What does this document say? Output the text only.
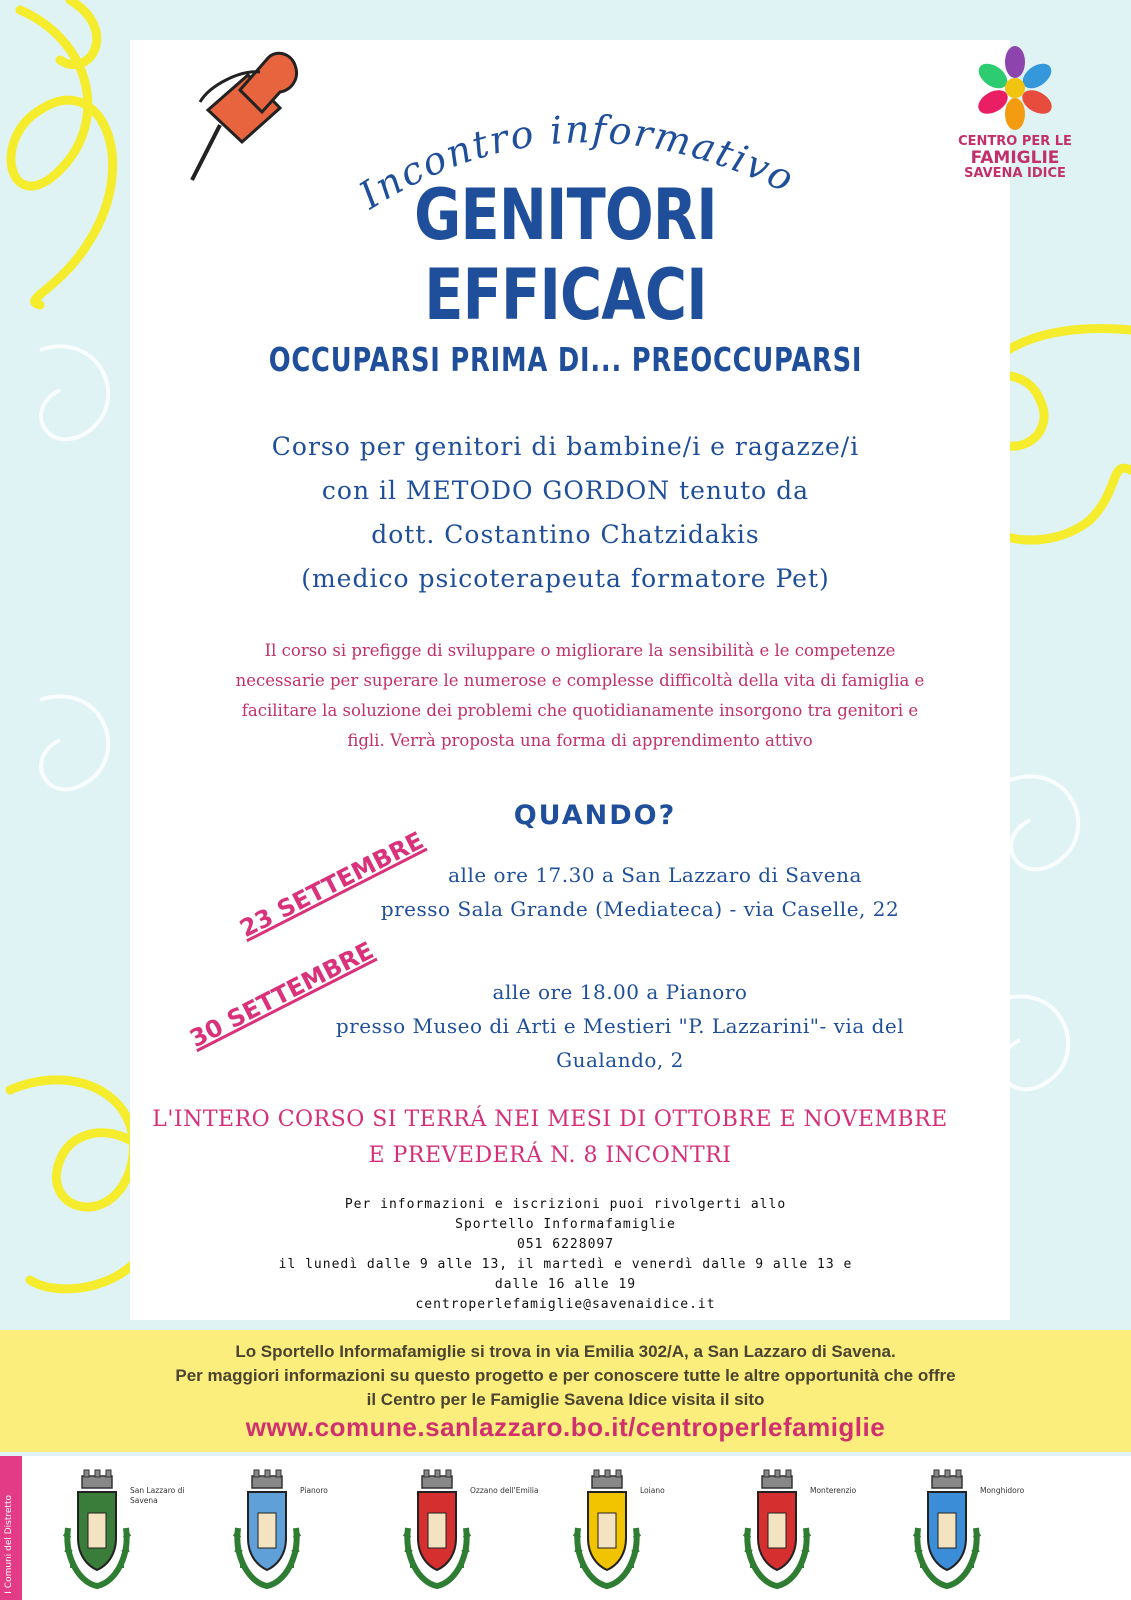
CENTRO PER LE
FAMIGLIE
SAVENA IDICE
Incontro informativo
GENITORI
EFFICACI
OCCUPARSI PRIMA DI... PREOCCUPARSI
Corso per genitori di bambine/i e ragazze/i
con il METODO GORDON tenuto da
dott. Costantino Chatzidakis
(medico psicoterapeuta formatore Pet)
Il corso si prefigge di sviluppare o migliorare la sensibilità e le competenze
necessarie per superare le numerose e complesse difficoltà della vita di famiglia e
facilitare la soluzione dei problemi che quotidianamente insorgono tra genitori e
figli. Verrà proposta una forma di apprendimento attivo
QUANDO?
23 SETTEMBRE alle ore 17.30 a San Lazzaro di Savena
presso Sala Grande (Mediateca) - via Caselle, 22
30 SETTEMBRE	alle ore 18.00 a Pianoro
presso Museo di Arti e Mestieri "P. Lazzarini"- via del
Gualando, 2
L'INTERO CORSO SI TERRÁ NEI MESI DI OTTOBRE E NOVEMBRE
E PREVEDERÁ N. 8 INCONTRI
Per informazioni e iscrizioni puoi rivolgerti allo
Sportello Informafamiglie
051 6228097
il lunedì dalle 9 alle 13, il martedì e venerdì dalle 9 alle 13 e
dalle 16 alle 19
centroperlefamiglie@savenaidice.it
Lo Sportello Informafamiglie si trova in via Emilia 302/A, a San Lazzaro di Savena.
Per maggiori informazioni su questo progetto e per conoscere tutte le altre opportunità che offre
il Centro per le Famiglie Savena Idice visita il sito
www.comune.sanlazzaro.bo.it/centroperlefamiglie
I Comuni del Distretto
San Lazzaro di Savena
Pianoro	Ozzano dell'Emilia	Loiano	Monterenzio	Monghidoro
